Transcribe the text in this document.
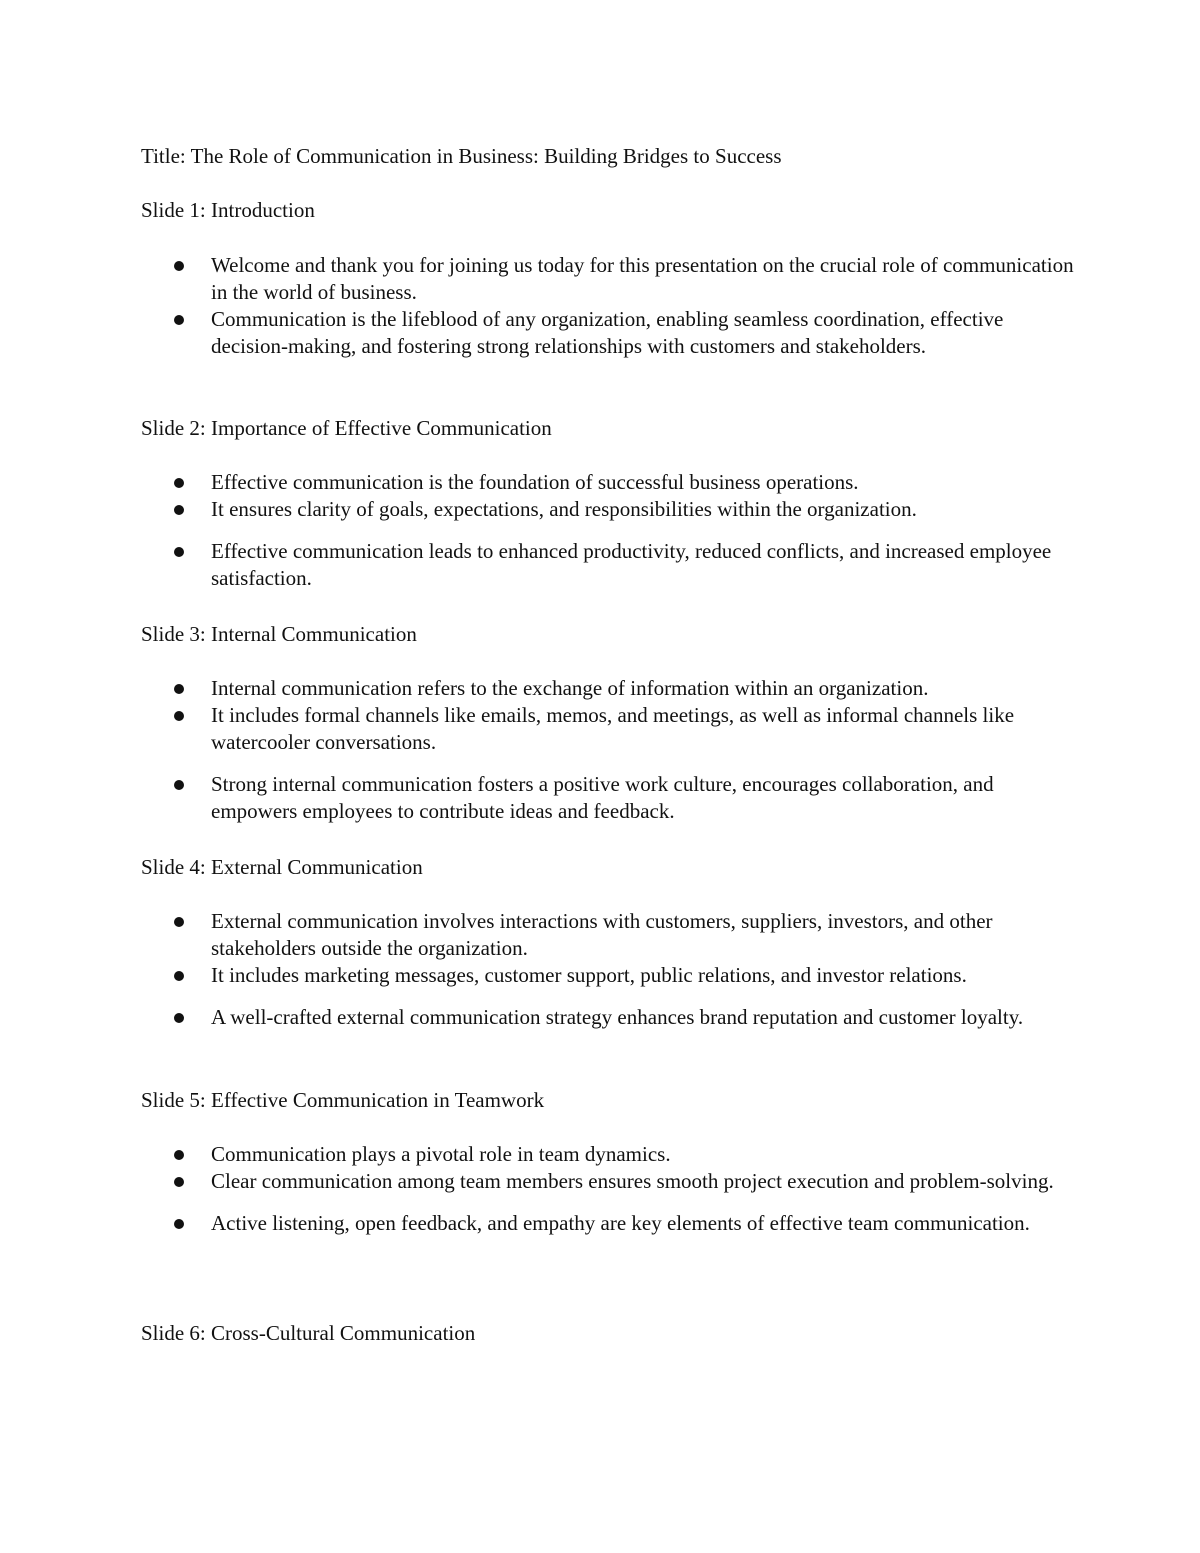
Title: The Role of Communication in Business: Building Bridges to Success

Slide 1: Introduction

Welcome and thank you for joining us today for this presentation on the crucial role of communication in the world of business.
Communication is the lifeblood of any organization, enabling seamless coordination, effective decision-making, and fostering strong relationships with customers and stakeholders.

Slide 2: Importance of Effective Communication

Effective communication is the foundation of successful business operations.
It ensures clarity of goals, expectations, and responsibilities within the organization.
Effective communication leads to enhanced productivity, reduced conflicts, and increased employee satisfaction.

Slide 3: Internal Communication

Internal communication refers to the exchange of information within an organization.
It includes formal channels like emails, memos, and meetings, as well as informal channels like watercooler conversations.
Strong internal communication fosters a positive work culture, encourages collaboration, and empowers employees to contribute ideas and feedback.

Slide 4: External Communication

External communication involves interactions with customers, suppliers, investors, and other stakeholders outside the organization.
It includes marketing messages, customer support, public relations, and investor relations.
A well-crafted external communication strategy enhances brand reputation and customer loyalty.

Slide 5: Effective Communication in Teamwork

Communication plays a pivotal role in team dynamics.
Clear communication among team members ensures smooth project execution and problem-solving.
Active listening, open feedback, and empathy are key elements of effective team communication.

Slide 6: Cross-Cultural Communication
